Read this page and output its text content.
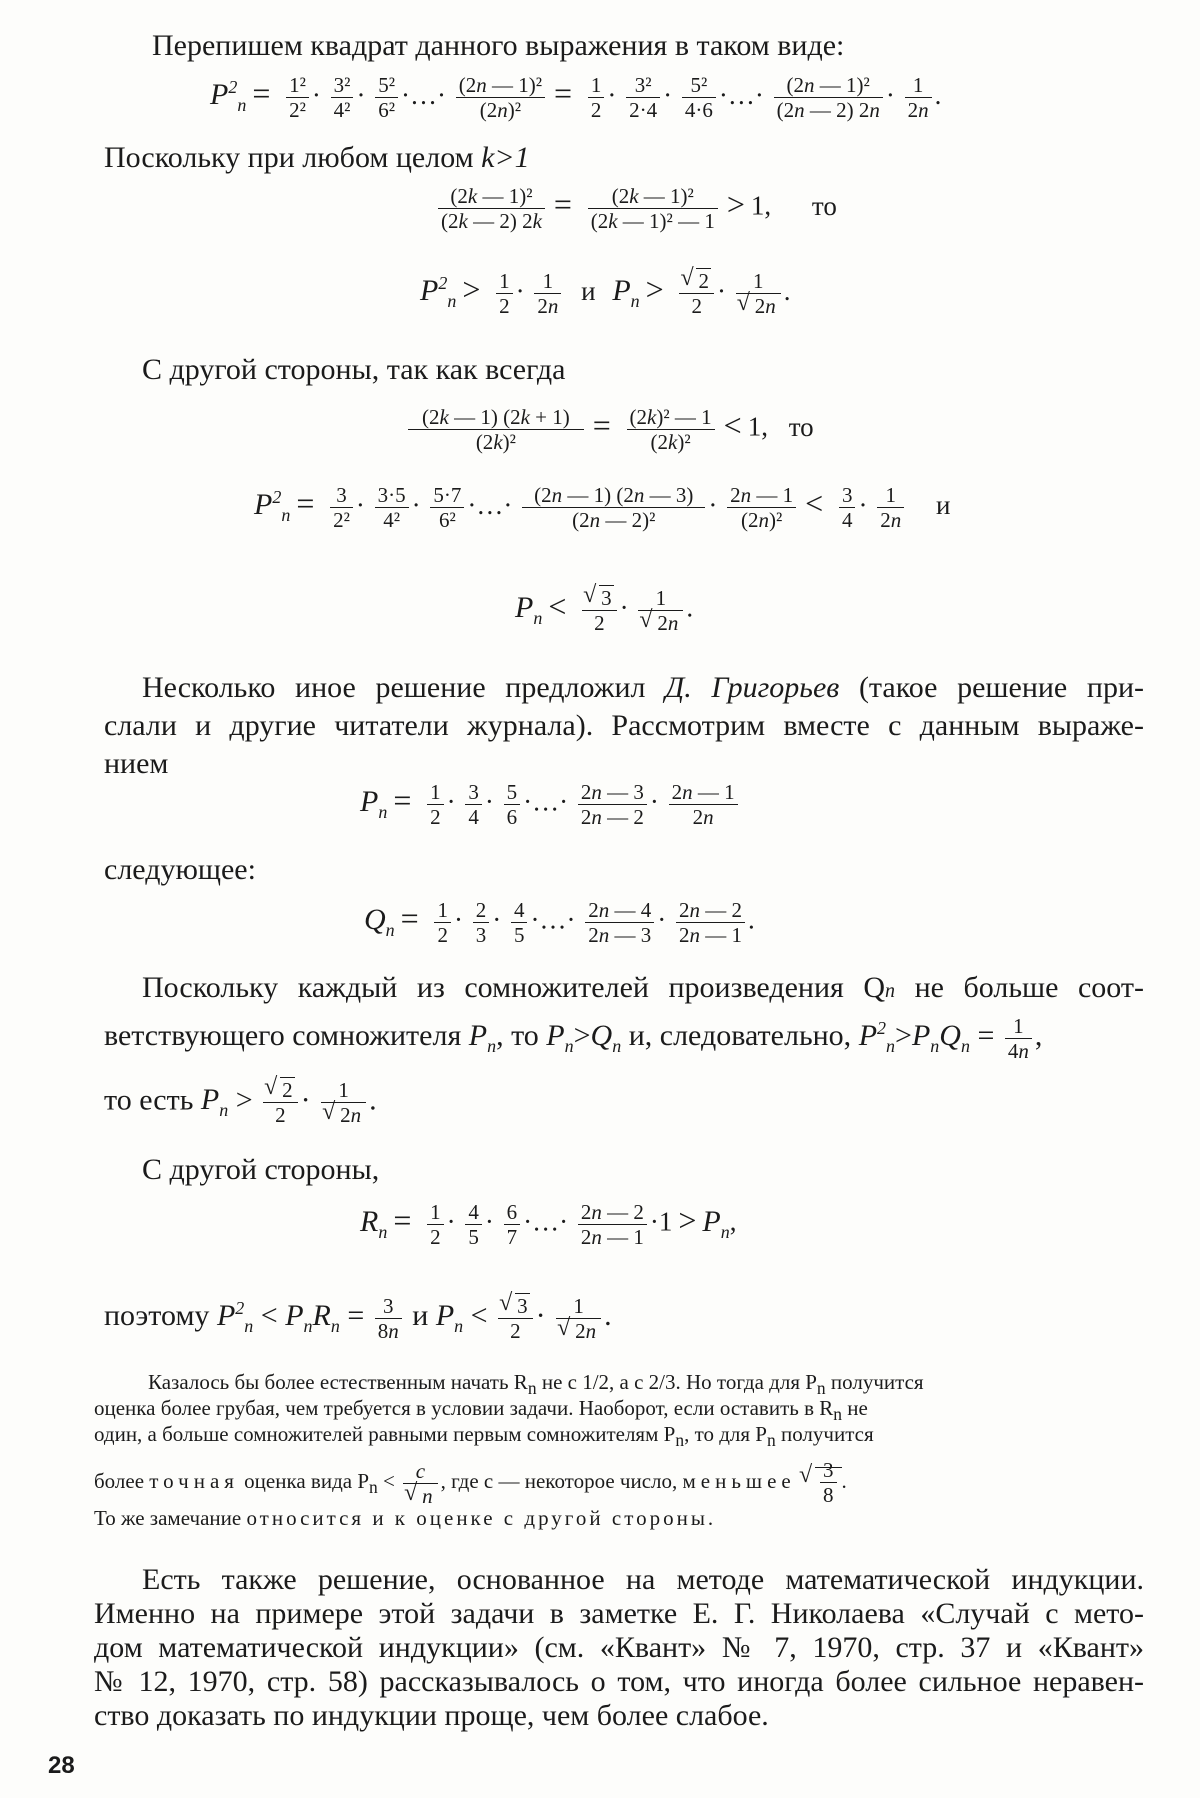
Перепишем квадрат данного выражения в таком виде:
$P^2_n = \frac{\text{1²}}{\text{2²}} \cdot \frac{\text{3²}}{\text{4²}} \cdot \frac{\text{5²}}{\text{6²}}$ ·…· $\frac{\text{(2n — 1)²}}{\text{(2n)²}} = \frac{1}{2} \cdot \frac{\text{3²}}{2\cdot 4} \cdot \frac{\text{5²}}{4\cdot 6}$ ·…· $\frac{\text{(2n — 1)²}}{(2n — 2) 2n} \cdot \frac{1}{2n}$ .
Поскольку при любом целом k>1
$\frac{\text{(2k — 1)²}}{(2k — 2) 2k} = \frac{\text{(2k — 1)²}}{\text{(2k — 1)² — 1}} > 1$, то
$P^2_n > \frac{1}{2} \cdot \frac{1}{2n}$ и $P_n$ > √ $\frac{2}{2} \cdot 1$
√ 2n .
С другой стороны, так как всегда
$\frac{(2k — 1) (2k + 1)}{\text{(2k)²}} = \frac{\text{(2k)² — 1}}{\text{(2k)²}} < 1$, то
$P^2_n = \frac{3}{\text{2²}} \cdot \frac{3\cdot 5}{\text{4²}} \cdot \frac{5\cdot 7}{\text{6²}}$ ·…· $\frac{(2n — 1) (2n — 3)}{\text{(2n — 2)²}} \cdot \frac{2n — 1}{\text{(2n)²}} < \frac{3}{4} \cdot \frac{1}{2n}$ и
$P_n$ < √ $\frac{3}{2} \cdot 1$
√ 2n .
Несколько иное решение предложил Д. Григорьев (такое решение при-
слали и другие читатели журнала). Рассмотрим вместе с данным выраже-
нием
$P_n = \frac{1}{2} \cdot \frac{3}{4} \cdot \frac{5}{6}$ ·…· $\frac{2n — 3}{2n — 2} \cdot \frac{2n — 1}{2n}$
следующее:
$Q_n = \frac{1}{2} \cdot \frac{2}{3} \cdot \frac{4}{5}$ ·…· $\frac{2n — 4}{2n — 3} \cdot \frac{2n — 2}{2n — 1}$ .
Поскольку каждый из сомножителей произведения Qn не больше соот-
ветствующего сомножителя $P_n$, то $P_n>Q_n$ и, следовательно, $P^2_n>P_nQ_n = \frac{1}{4n}$ ,
то есть $P_n$ > √ $\frac{2}{2} \cdot 1$
√ 2n .
С другой стороны,
$R_n = \frac{1}{2} \cdot \frac{4}{5} \cdot \frac{6}{7}$ ·…· $\frac{2n — 2}{2n — 1} \cdot 1 > P_n$,
поэтому $P^2_n < P_nR_n = \frac{3}{8n}$ и $P_n$ < √ $\frac{3}{2} \cdot 1$
√ 2n .
Казалось бы более естественным начать $R_n$ не с 1/2, а с 2/3. Но тогда для $P_n$ получится
оценка более грубая, чем требуется в условии задачи. Наоборот, если оставить в $R_n$ не
один, а больше сомножителей равными первым сомножителям $P_n$, то для $P_n$ получится
более точная оценка вида $P_n < c$
√ n , где с — некоторое число, меньшее √ $\frac{3}{8}$ .
То же замечание относится и к оценке с другой стороны.
Есть также решение, основанное на методе математической индукции.
Именно на примере этой задачи в заметке Е. Г. Николаева «Случай с мето-
дом математической индукции» (см. «Квант» № 7, 1970, стр. 37 и «Квант»
№ 12, 1970, стр. 58) рассказывалось о том, что иногда более сильное нерaвен-
ство доказать по индукции проще, чем более слабое.
28
